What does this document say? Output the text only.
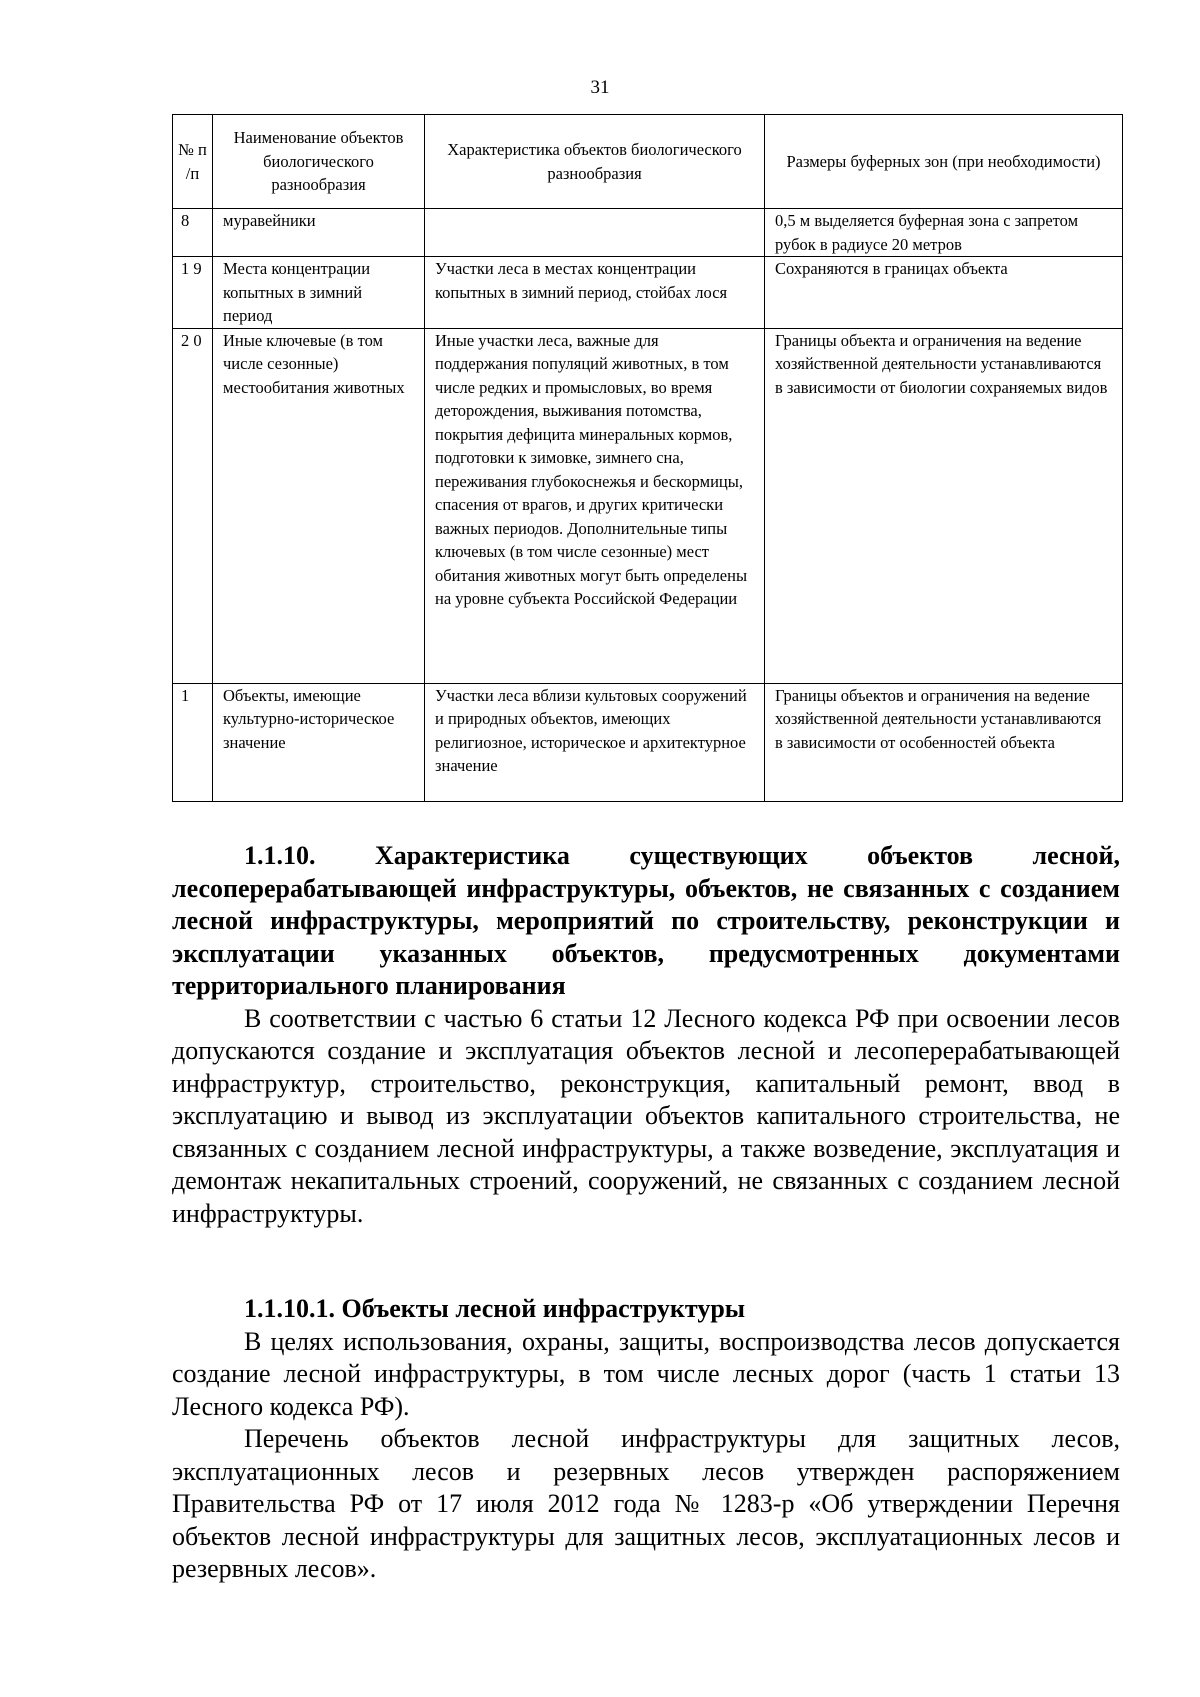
31
№ п /п	Наименование объектов биологического разнообразия	Характеристика объектов биологического разнообразия	Размеры буферных зон (при необходимости)
8	муравейники		0,5 м выделяется буферная зона с запретом рубок в радиусе 20 метров
1 9	Места концентрации копытных в зимний период	Участки леса в местах концентрации копытных в зимний период, стойбах лося	Сохраняются в границах объекта
2 0	Иные ключевые (в том числе сезонные) местообитания животных	Иные участки леса, важные для поддержания популяций животных, в том числе редких и промысловых, во время деторождения, выживания потомства, покрытия дефицита минеральных кормов, подготовки к зимовке, зимнего сна, переживания глубокоснежья и бескормицы, спасения от врагов, и других критически важных периодов. Дополнительные типы ключевых (в том числе сезонные) мест обитания животных могут быть определены на уровне субъекта Российской Федерации	Границы объекта и ограничения на ведение хозяйственной деятельности устанавливаются в зависимости от биологии сохраняемых видов
1	Объекты, имеющие культурно-историческое значение	Участки леса вблизи культовых сооружений и природных объектов, имеющих религиозное, историческое и архитектурное значение	Границы объектов и ограничения на ведение хозяйственной деятельности устанавливаются в зависимости от особенностей объекта

1.1.10. Характеристика существующих объектов лесной, лесоперерабатывающей инфраструктуры, объектов, не связанных с созданием лесной инфраструктуры, мероприятий по строительству, реконструкции и эксплуатации указанных объектов, предусмотренных документами территориального планирования

В соответствии с частью 6 статьи 12 Лесного кодекса РФ при освоении лесов допускаются создание и эксплуатация объектов лесной и лесоперерабатывающей инфраструктур, строительство, реконструкция, капитальный ремонт, ввод в эксплуатацию и вывод из эксплуатации объектов капитального строительства, не связанных с созданием лесной инфраструктуры, а также возведение, эксплуатация и демонтаж некапитальных строений, сооружений, не связанных с созданием лесной инфраструктуры.

1.1.10.1. Объекты лесной инфраструктуры

В целях использования, охраны, защиты, воспроизводства лесов допускается создание лесной инфраструктуры, в том числе лесных дорог (часть 1 статьи 13 Лесного кодекса РФ).

Перечень объектов лесной инфраструктуры для защитных лесов, эксплуатационных лесов и резервных лесов утвержден распоряжением Правительства РФ от 17 июля 2012 года № 1283-р «Об утверждении Перечня объектов лесной инфраструктуры для защитных лесов, эксплуатационных лесов и резервных лесов».
